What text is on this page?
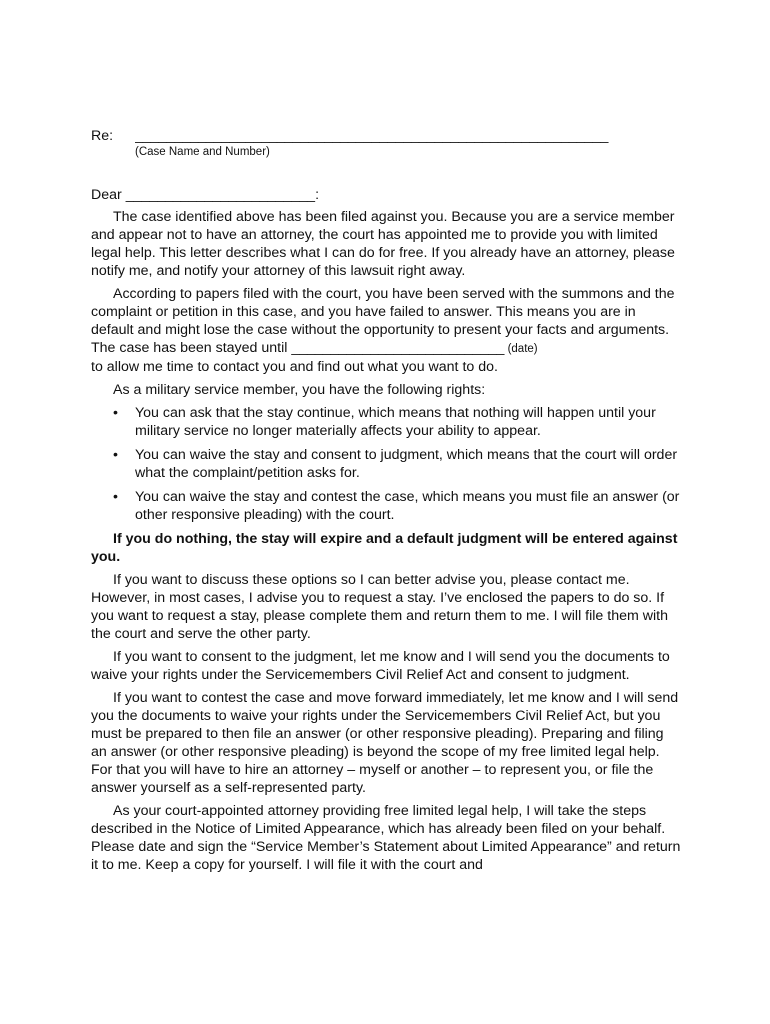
Re:	____________________________________________________________
(Case Name and Number)
Dear ________________________:

The case identified above has been filed against you. Because you are a service member and appear not to have an attorney, the court has appointed me to provide you with limited legal help. This letter describes what I can do for free. If you already have an attorney, please notify me, and notify your attorney of this lawsuit right away.

According to papers filed with the court, you have been served with the summons and the complaint or petition in this case, and you have failed to answer. This means you are in default and might lose the case without the opportunity to present your facts and arguments. The case has been stayed until ___________________________ (date)

to allow me time to contact you and find out what you want to do.

As a military service member, you have the following rights:

• You can ask that the stay continue, which means that nothing will happen until your military service no longer materially affects your ability to appear.
• You can waive the stay and consent to judgment, which means that the court will order what the complaint/petition asks for.
• You can waive the stay and contest the case, which means you must file an answer (or other responsive pleading) with the court.

If you do nothing, the stay will expire and a default judgment will be entered against you.

If you want to discuss these options so I can better advise you, please contact me. However, in most cases, I advise you to request a stay. I’ve enclosed the papers to do so. If you want to request a stay, please complete them and return them to me. I will file them with the court and serve the other party.

If you want to consent to the judgment, let me know and I will send you the documents to waive your rights under the Servicemembers Civil Relief Act and consent to judgment.

If you want to contest the case and move forward immediately, let me know and I will send you the documents to waive your rights under the Servicemembers Civil Relief Act, but you must be prepared to then file an answer (or other responsive pleading). Preparing and filing an answer (or other responsive pleading) is beyond the scope of my free limited legal help. For that you will have to hire an attorney – myself or another – to represent you, or file the answer yourself as a self-represented party.

As your court-appointed attorney providing free limited legal help, I will take the steps described in the Notice of Limited Appearance, which has already been filed on your behalf. Please date and sign the “Service Member’s Statement about Limited Appearance” and return it to me. Keep a copy for yourself. I will file it with the court and
